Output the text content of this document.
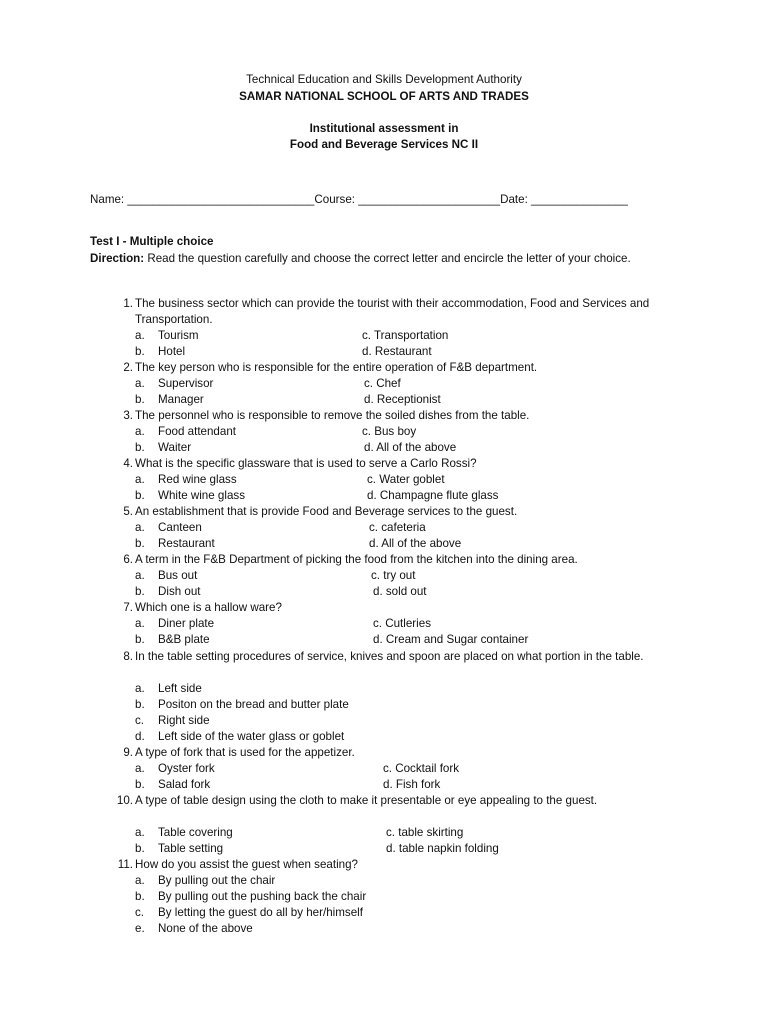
Technical Education and Skills Development Authority
SAMAR NATIONAL SCHOOL OF ARTS AND TRADES
Institutional assessment in
Food and Beverage Services NC II
Name: _____________________________Course: ______________________Date: _______________
Test I - Multiple choice
Direction: Read the question carefully and choose the correct letter and encircle the letter of your choice.
1. The business sector which can provide the tourist with their accommodation, Food and Services and Transportation.
a. Tourism
b. Hotel
c. Transportation
d. Restaurant
2. The key person who is responsible for the entire operation of F&B department.
a. Supervisor
b. Manager
c. Chef
d. Receptionist
3. The personnel who is responsible to remove the soiled dishes from the table.
a. Food attendant
b. Waiter
c. Bus boy
d. All of the above
4. What is the specific glassware that is used to serve a Carlo Rossi?
a. Red wine glass
b. White wine glass
c. Water goblet
d. Champagne flute glass
5. An establishment that is provide Food and Beverage services to the guest.
a. Canteen
b. Restaurant
c. cafeteria
d. All of the above
6. A term in the F&B Department of picking the food from the kitchen into the dining area.
a. Bus out
b. Dish out
c. try out
d. sold out
7. Which one is a hallow ware?
a. Diner plate
b. B&B plate
c. Cutleries
d. Cream and Sugar container
8. In the table setting procedures of service, knives and spoon are placed on what portion in the table.
a. Left side
b. Positon on the bread and butter plate
c. Right side
d. Left side of the water glass or goblet
9. A type of fork that is used for the appetizer.
a. Oyster fork
b. Salad fork
c. Cocktail fork
d. Fish fork
10. A type of table design using the cloth to make it presentable or eye appealing to the guest.
a. Table covering
b. Table setting
c. table skirting
d. table napkin folding
11. How do you assist the guest when seating?
a. By pulling out the chair
b. By pulling out the pushing back the chair
c. By letting the guest do all by her/himself
e. None of the above
